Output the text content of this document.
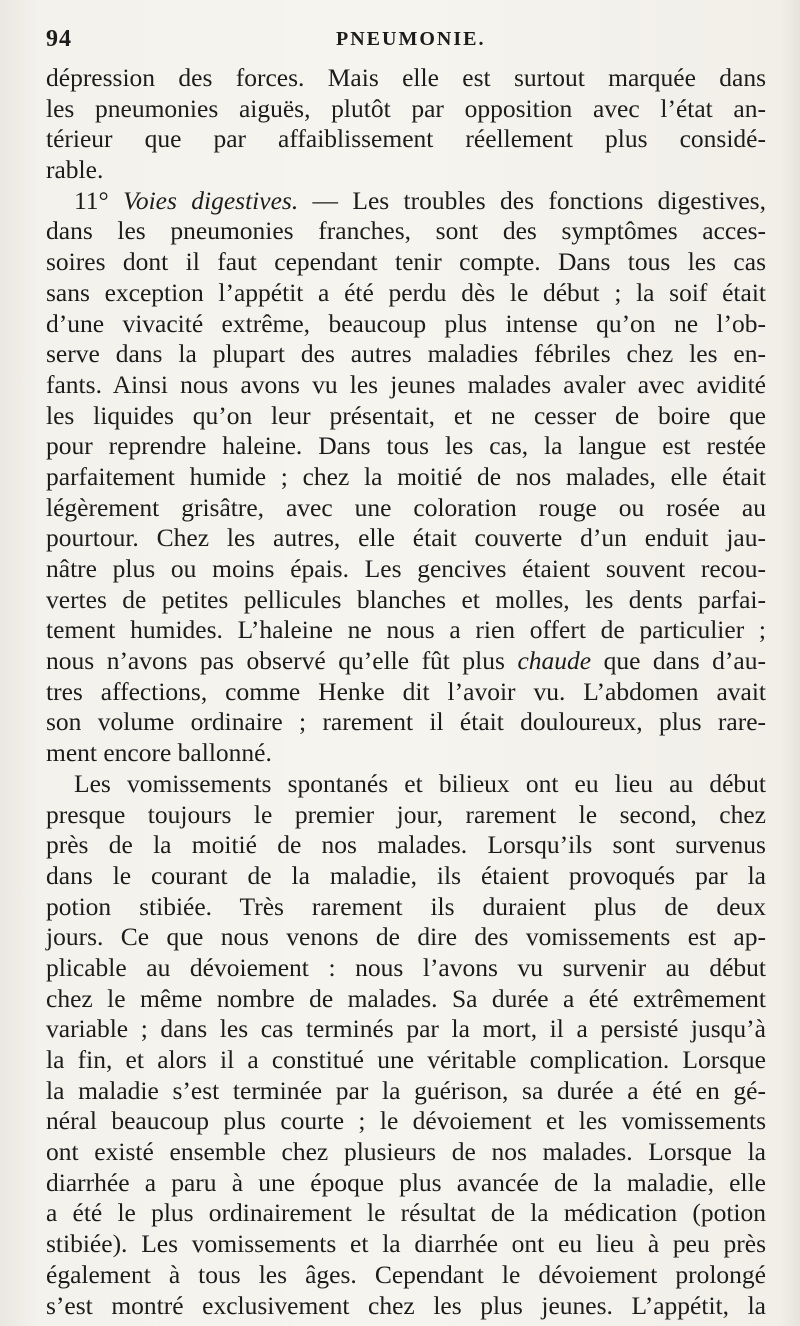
94	PNEUMONIE.
dépression des forces. Mais elle est surtout marquée dans
les pneumonies aiguës, plutôt par opposition avec l’état an-
térieur que par affaiblissement réellement plus considé-
rable.
11° Voies digestives. — Les troubles des fonctions digestives,
dans les pneumonies franches, sont des symptômes acces-
soires dont il faut cependant tenir compte. Dans tous les cas
sans exception l’appétit a été perdu dès le début ; la soif était
d’une vivacité extrême, beaucoup plus intense qu’on ne l’ob-
serve dans la plupart des autres maladies fébriles chez les en-
fants. Ainsi nous avons vu les jeunes malades avaler avec avidité
les liquides qu’on leur présentait, et ne cesser de boire que
pour reprendre haleine. Dans tous les cas, la langue est restée
parfaitement humide ; chez la moitié de nos malades, elle était
légèrement grisâtre, avec une coloration rouge ou rosée au
pourtour. Chez les autres, elle était couverte d’un enduit jau-
nâtre plus ou moins épais. Les gencives étaient souvent recou-
vertes de petites pellicules blanches et molles, les dents parfai-
tement humides. L’haleine ne nous a rien offert de particulier ;
nous n’avons pas observé qu’elle fût plus chaude que dans d’au-
tres affections, comme Henke dit l’avoir vu. L’abdomen avait
son volume ordinaire ; rarement il était douloureux, plus rare-
ment encore ballonné.
Les vomissements spontanés et bilieux ont eu lieu au début
presque toujours le premier jour, rarement le second, chez
près de la moitié de nos malades. Lorsqu’ils sont survenus
dans le courant de la maladie, ils étaient provoqués par la
potion stibiée. Très rarement ils duraient plus de deux
jours. Ce que nous venons de dire des vomissements est ap-
plicable au dévoiement : nous l’avons vu survenir au début
chez le même nombre de malades. Sa durée a été extrêmement
variable ; dans les cas terminés par la mort, il a persisté jusqu’à
la fin, et alors il a constitué une véritable complication. Lorsque
la maladie s’est terminée par la guérison, sa durée a été en gé-
néral beaucoup plus courte ; le dévoiement et les vomissements
ont existé ensemble chez plusieurs de nos malades. Lorsque la
diarrhée a paru à une époque plus avancée de la maladie, elle
a été le plus ordinairement le résultat de la médication (potion
stibiée). Les vomissements et la diarrhée ont eu lieu à peu près
également à tous les âges. Cependant le dévoiement prolongé
s’est montré exclusivement chez les plus jeunes. L’appétit, la
